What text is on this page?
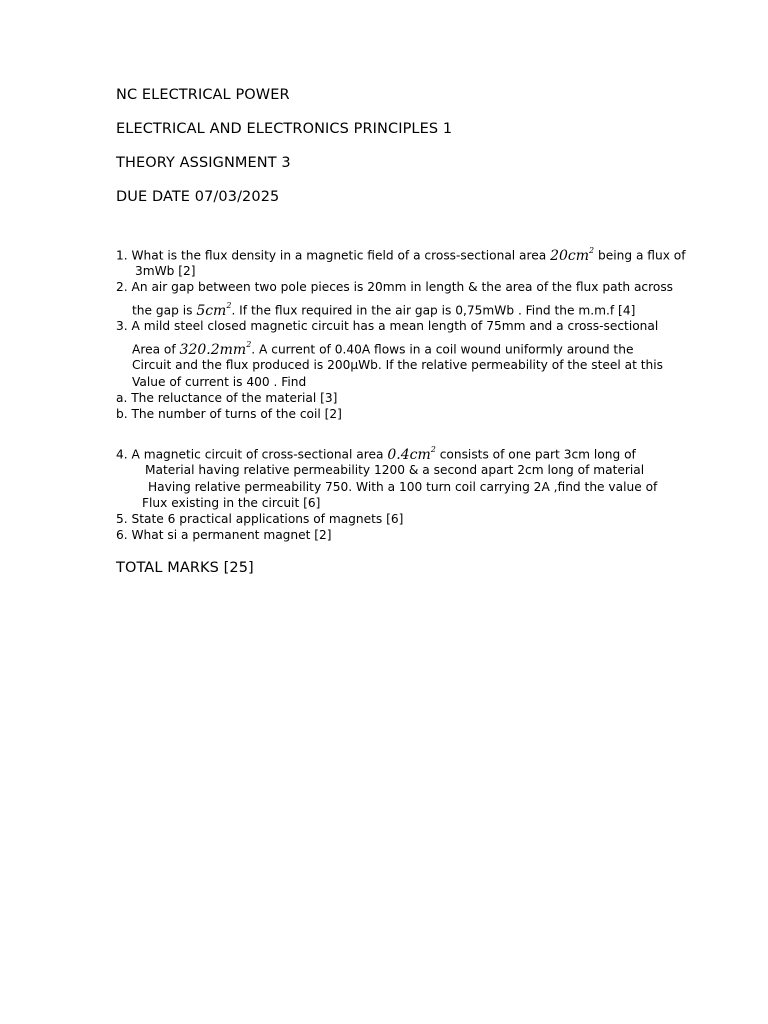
NC ELECTRICAL POWER
ELECTRICAL AND ELECTRONICS PRINCIPLES 1
THEORY ASSIGNMENT 3
DUE DATE 07/03/2025
1. What is the flux density in a magnetic field of a cross-sectional area $20cm^2$ being a flux of
3mWb [2]
2. An air gap between two pole pieces is 20mm in length & the area of the flux path across
the gap is $5cm^2$. If the flux required in the air gap is 0,75mWb . Find the m.m.f [4]
3. A mild steel closed magnetic circuit has a mean length of 75mm and a cross-sectional
Area of $320.2mm^2$. A current of 0.40A flows in a coil wound uniformly around the
Circuit and the flux produced is 200μWb. If the relative permeability of the steel at this
Value of current is 400 . Find
a. The reluctance of the material [3]
b. The number of turns of the coil [2]
4. A magnetic circuit of cross-sectional area $0.4cm^2$ consists of one part 3cm long of
Material having relative permeability 1200 & a second apart 2cm long of material
Having relative permeability 750. With a 100 turn coil carrying 2A ,find the value of
Flux existing in the circuit [6]
5. State 6 practical applications of magnets [6]
6. What si a permanent magnet [2]
TOTAL MARKS [25]
